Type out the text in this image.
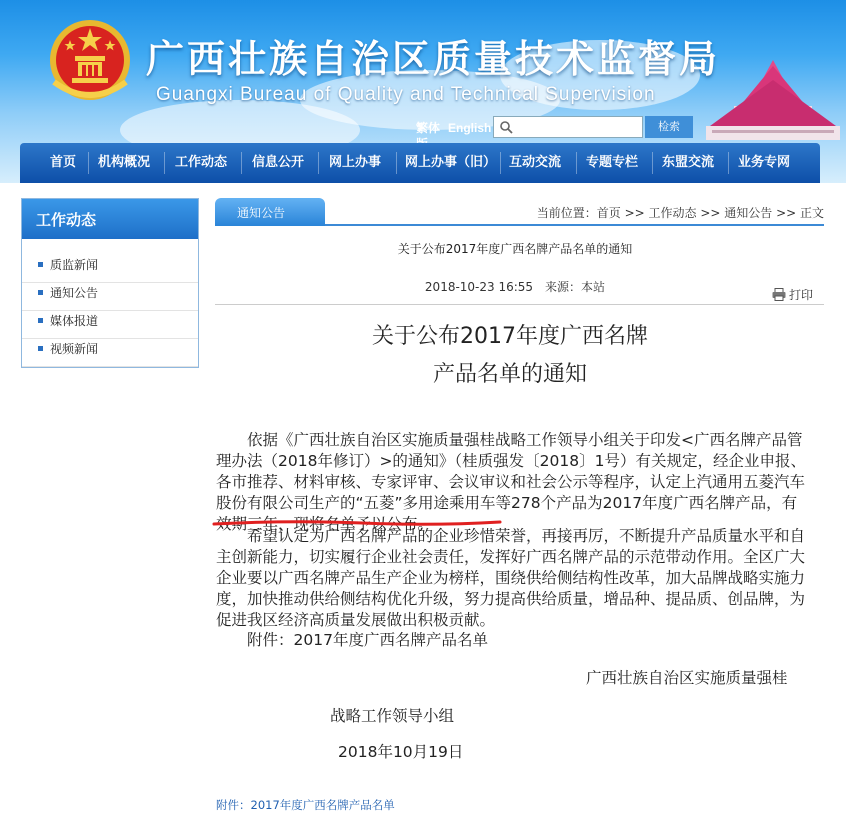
广西壮族自治区质量技术监督局
Guangxi Bureau of Quality and Technical Supervision
繁体 English	检索
首页 机构概况 工作动态 信息公开 网上办事 网上办事（旧） 互动交流 专题专栏 东盟交流 业务专网
工作动态
质监新闻
通知公告
媒体报道
视频新闻
通知公告	当前位置：首页 >> 工作动态 >> 通知公告 >> 正文
关于公布2017年度广西名牌产品名单的通知
2018-10-23 16:55　来源：本站
打印
关于公布2017年度广西名牌
产品名单的通知
依据《广西壮族自治区实施质量强桂战略工作领导小组关于印发<广西名牌产品管理办法（2018年修订）>的通知》（桂质强发〔2018〕1号）有关规定，经企业申报、各市推荐、材料审核、专家评审、会议审议和社会公示等程序，认定上汽通用五菱汽车股份有限公司生产的“五菱”多用途乘用车等278个产品为2017年度广西名牌产品，有效期三年，现将名单予以公布。
希望认定为广西名牌产品的企业珍惜荣誉，再接再厉，不断提升产品质量水平和自主创新能力，切实履行企业社会责任，发挥好广西名牌产品的示范带动作用。全区广大企业要以广西名牌产品生产企业为榜样，围绕供给侧结构性改革，加大品牌战略实施力度，加快推动供给侧结构优化升级，努力提高供给质量，增品种、提品质、创品牌，为促进我区经济高质量发展做出积极贡献。
附件：2017年度广西名牌产品名单
广西壮族自治区实施质量强桂
战略工作领导小组
2018年10月19日
附件：2017年度广西名牌产品名单
